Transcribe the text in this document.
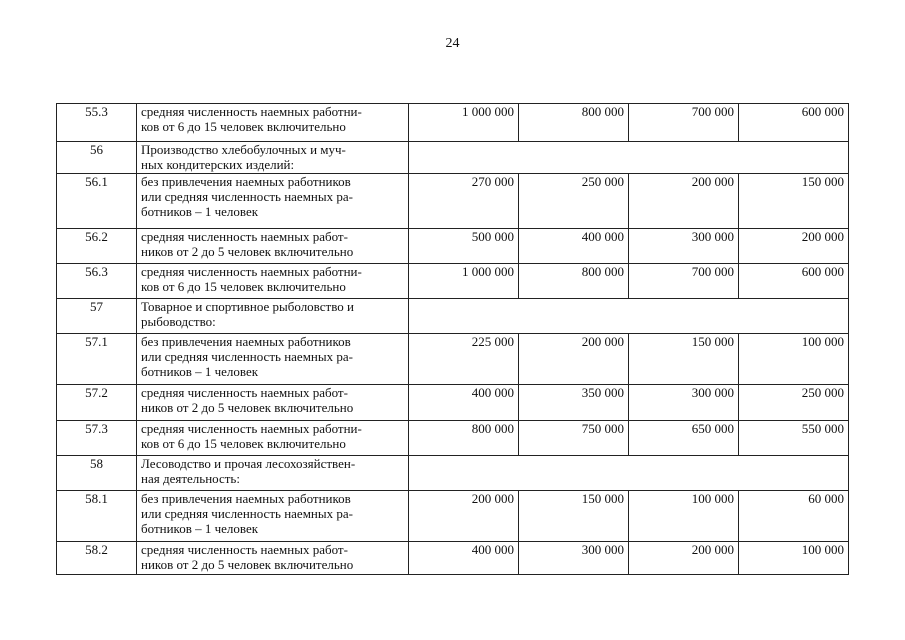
24
55.3	средняя численность наемных работни-
ков от 6 до 15 человек включительно	1 000 000	800 000	700 000	600 000
56	Производство хлебобулочных и муч-
ных кондитерских изделий:				

56.1	без привлечения наемных работников
или средняя численность наемных ра-
ботников – 1 человек	270 000	250 000	200 000	150 000
56.2	средняя численность наемных работ-
ников от 2 до 5 человек включительно	500 000	400 000	300 000	200 000
56.3	средняя численность наемных работни-
ков от 6 до 15 человек включительно	1 000 000	800 000	700 000	600 000
57	Товарное и спортивное рыболовство и
рыбоводство:				

57.1	без привлечения наемных работников
или средняя численность наемных ра-
ботников – 1 человек	225 000	200 000	150 000	100 000
57.2	средняя численность наемных работ-
ников от 2 до 5 человек включительно	400 000	350 000	300 000	250 000
57.3	средняя численность наемных работни-
ков от 6 до 15 человек включительно	800 000	750 000	650 000	550 000
58	Лесоводство и прочая лесохозяйствен-
ная деятельность:				

58.1	без привлечения наемных работников
или средняя численность наемных ра-
ботников – 1 человек	200 000	150 000	100 000	60 000
58.2	средняя численность наемных работ-
ников от 2 до 5 человек включительно	400 000	300 000	200 000	100 000
